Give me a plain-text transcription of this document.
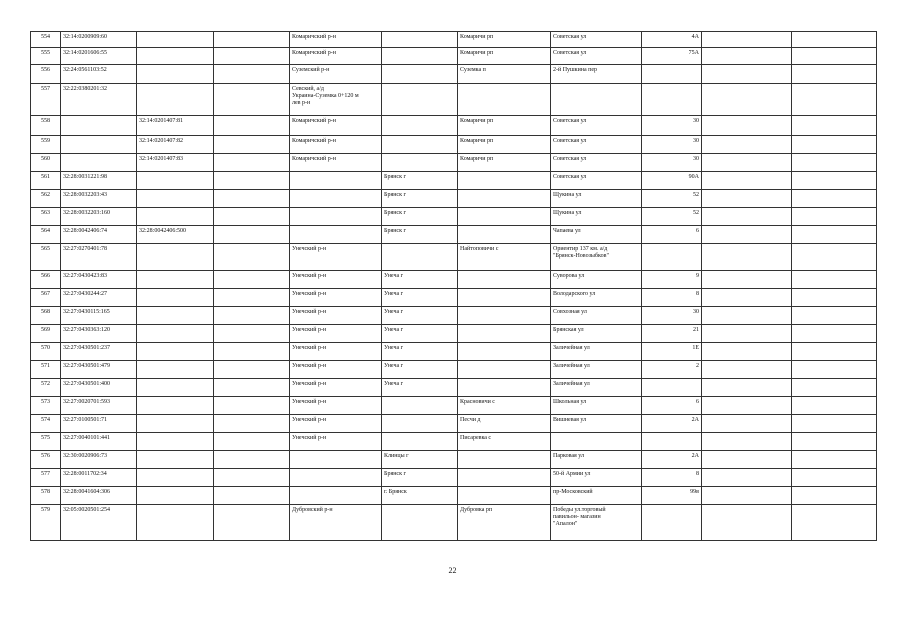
554	32:14:0200909:60			Комаричский р-н		Комаричи рп	Советская ул	4А		
555	32:14:0201606:55			Комаричский р-н		Комаричи рп	Советская ул	75А		
556	32:24:0561103:52			Суземский р-н		Суземка п	2-й Пушкина пер			
557	32:22:0380201:32			Севский, а/д
Украина-Суземка 0+120 м
лев р-н						
558		32:14:0201407:81		Комаричский р-н		Комаричи рп	Советская ул	30		
559		32:14:0201407:82		Комаричский р-н		Комаричи рп	Советская ул	30		
560		32:14:0201407:83		Комаричский р-н		Комаричи рп	Советская ул	30		
561	32:28:0031221:98				Брянск г		Советская ул	90А		
562	32:28:0032203:43				Брянск г		Щукина ул	52		
563	32:28:0032203:160				Брянск г		Щукина ул	52		
564	32:28:0042406:74	32:28:0042406:500			Брянск г		Чапаева ул	6		
565	32:27:0270401:78			Унечский р-н		Найтоповичи с	Ориентир 137 км. а/д
"Брянск-Новозыбков"			
566	32:27:0430423:83			Унечский р-н	Унеча г		Суворова ул	9		
567	32:27:0430244:27			Унечский р-н	Унеча г		Володарского ул	8		
568	32:27:0430115:165			Унечский р-н	Унеча г		Совхозная ул	30		
569	32:27:0430363:120			Унечский р-н	Унеча г		Брянская ул	21		
570	32:27:0430501:237			Унечский р-н	Унеча г		Заличейная ул	1Е		
571	32:27:0430501:479			Унечский р-н	Унеча г		Заличейная ул	2		
572	32:27:0430501:400			Унечский р-н	Унеча г		Заличейная ул			
573	32:27:0020701:593			Унечский р-н		Красновичи с	Школьная ул	6		
574	32:27:0100501:71			Унечский р-н		Песчи д	Вишневая ул	2А		
575	32:27:0040101:441			Унечский р-н		Писаревка с				
576	32:30:0020906:73				Клинцы г		Парковая ул	2А		
577	32:28:0011702:34				Брянск г		50-й Армии ул	8		
578	32:28:0041604:306				г. Брянск		пр-Московский	99в		
579	32:05:0020501:254			Дубровский р-н		Дубровка рп	Победы ул.торговый
павильон- магазин
"Апалон"			
22
